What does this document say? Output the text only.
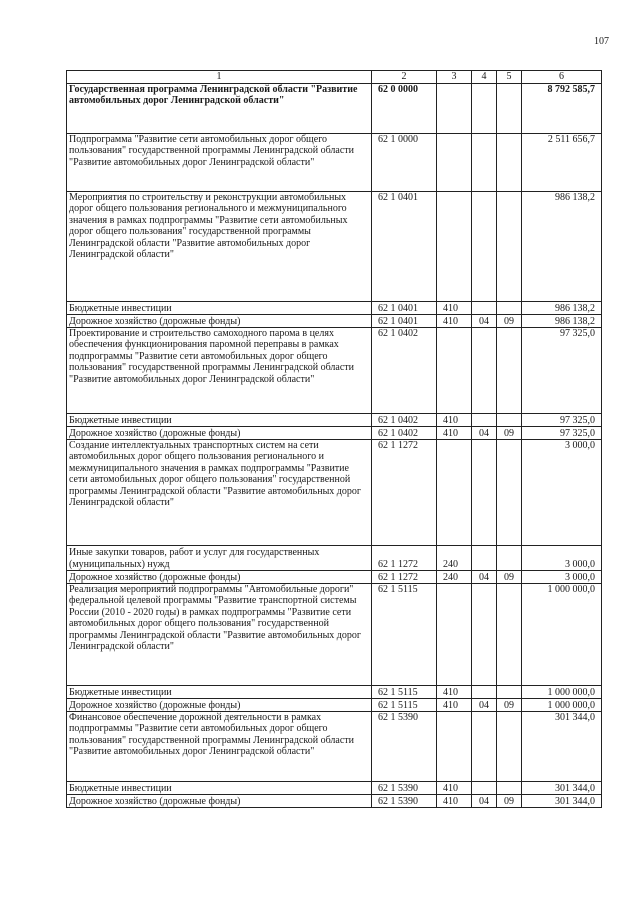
107
1	2	3	4	5	6
Государственная программа Ленинградской области "Развитие автомобильных дорог Ленинградской области"	62 0 0000				8 792 585,7
Подпрограмма "Развитие сети автомобильных дорог общего пользования" государственной программы Ленинградской области "Развитие автомобильных дорог Ленинградской области"	62 1 0000				2 511 656,7
Мероприятия по строительству и реконструкции автомобильных дорог общего пользования регионального и межмуниципального значения в рамках подпрограммы "Развитие сети автомобильных дорог общего пользования" государственной программы Ленинградской области "Развитие автомобильных дорог Ленинградской области"	62 1 0401				986 138,2
Бюджетные инвестиции	62 1 0401	410			986 138,2
Дорожное хозяйство (дорожные фонды)	62 1 0401	410	04	09	986 138,2
Проектирование и строительство самоходного парома в целях обеспечения функционирования паромной переправы в рамках подпрограммы "Развитие сети автомобильных дорог общего пользования" государственной программы Ленинградской области "Развитие автомобильных дорог Ленинградской области"	62 1 0402				97 325,0
Бюджетные инвестиции	62 1 0402	410			97 325,0
Дорожное хозяйство (дорожные фонды)	62 1 0402	410	04	09	97 325,0
Создание интеллектуальных транспортных систем на сети автомобильных дорог общего пользования регионального и межмуниципального значения в рамках подпрограммы "Развитие сети автомобильных дорог общего пользования" государственной программы Ленинградской области "Развитие автомобильных дорог Ленинградской области"	62 1 1272				3 000,0
Иные закупки товаров, работ и услуг для государственных (муниципальных) нужд	62 1 1272	240			3 000,0
Дорожное хозяйство (дорожные фонды)	62 1 1272	240	04	09	3 000,0
Реализация мероприятий подпрограммы "Автомобильные дороги" федеральной целевой программы "Развитие транспортной системы России (2010 - 2020 годы) в рамках подпрограммы "Развитие сети автомобильных дорог общего пользования" государственной программы Ленинградской области "Развитие автомобильных дорог Ленинградской области"	62 1 5115				1 000 000,0
Бюджетные инвестиции	62 1 5115	410			1 000 000,0
Дорожное хозяйство (дорожные фонды)	62 1 5115	410	04	09	1 000 000,0
Финансовое обеспечение дорожной деятельности в рамках подпрограммы "Развитие сети автомобильных дорог общего пользования" государственной программы Ленинградской области "Развитие автомобильных дорог Ленинградской области"	62 1 5390				301 344,0
Бюджетные инвестиции	62 1 5390	410			301 344,0
Дорожное хозяйство (дорожные фонды)	62 1 5390	410	04	09	301 344,0
